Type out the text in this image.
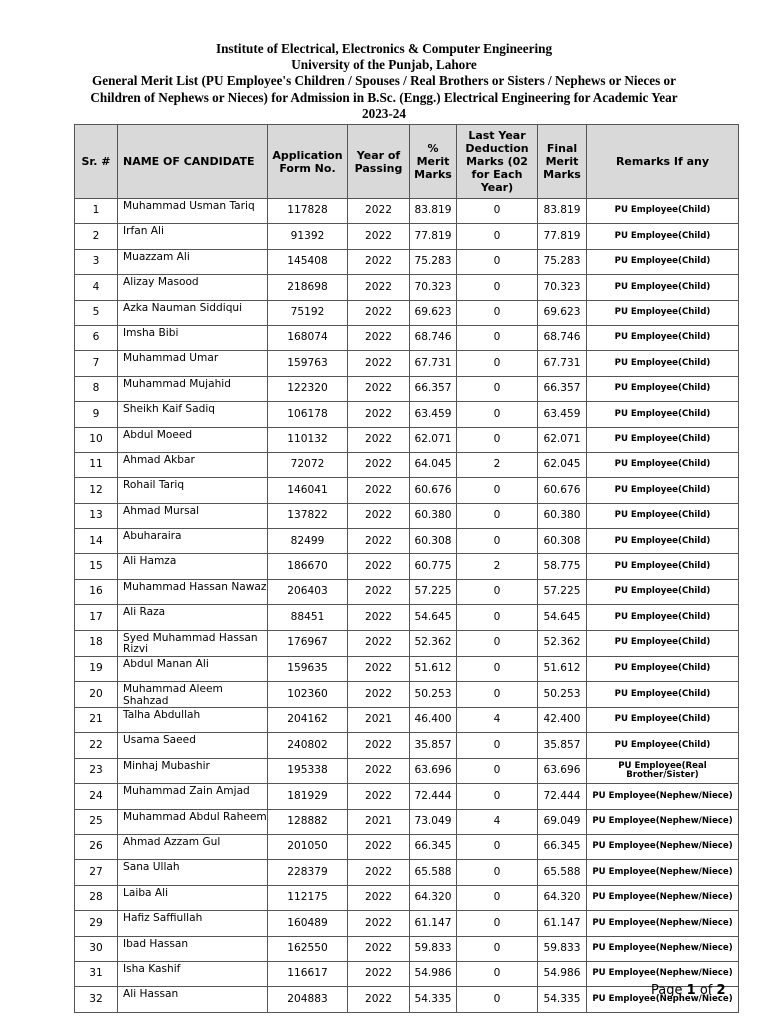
Institute of Electrical, Electronics & Computer Engineering
University of the Punjab, Lahore
General Merit List (PU Employee's Children / Spouses / Real Brothers or Sisters / Nephews or Nieces or
Children of Nephews or Nieces) for Admission in B.Sc. (Engg.) Electrical Engineering for Academic Year
2023-24
Sr. #	NAME OF CANDIDATE	Application Form No.	Year of Passing	% Merit Marks	Last Year Deduction Marks (02 for Each Year)	Final Merit Marks	Remarks If any
1	Muhammad Usman Tariq	117828	2022	83.819	0	83.819	PU Employee(Child)
2	Irfan Ali	91392	2022	77.819	0	77.819	PU Employee(Child)
3	Muazzam Ali	145408	2022	75.283	0	75.283	PU Employee(Child)
4	Alizay Masood	218698	2022	70.323	0	70.323	PU Employee(Child)
5	Azka Nauman Siddiqui	75192	2022	69.623	0	69.623	PU Employee(Child)
6	Imsha Bibi	168074	2022	68.746	0	68.746	PU Employee(Child)
7	Muhammad Umar	159763	2022	67.731	0	67.731	PU Employee(Child)
8	Muhammad Mujahid	122320	2022	66.357	0	66.357	PU Employee(Child)
9	Sheikh Kaif Sadiq	106178	2022	63.459	0	63.459	PU Employee(Child)
10	Abdul Moeed	110132	2022	62.071	0	62.071	PU Employee(Child)
11	Ahmad Akbar	72072	2022	64.045	2	62.045	PU Employee(Child)
12	Rohail Tariq	146041	2022	60.676	0	60.676	PU Employee(Child)
13	Ahmad Mursal	137822	2022	60.380	0	60.380	PU Employee(Child)
14	Abuharaira	82499	2022	60.308	0	60.308	PU Employee(Child)
15	Ali Hamza	186670	2022	60.775	2	58.775	PU Employee(Child)
16	Muhammad Hassan Nawaz	206403	2022	57.225	0	57.225	PU Employee(Child)
17	Ali Raza	88451	2022	54.645	0	54.645	PU Employee(Child)
18	Syed Muhammad Hassan Rizvi	176967	2022	52.362	0	52.362	PU Employee(Child)
19	Abdul Manan Ali	159635	2022	51.612	0	51.612	PU Employee(Child)
20	Muhammad Aleem Shahzad	102360	2022	50.253	0	50.253	PU Employee(Child)
21	Talha Abdullah	204162	2021	46.400	4	42.400	PU Employee(Child)
22	Usama Saeed	240802	2022	35.857	0	35.857	PU Employee(Child)
23	Minhaj Mubashir	195338	2022	63.696	0	63.696	PU Employee(Real Brother/Sister)
24	Muhammad Zain Amjad	181929	2022	72.444	0	72.444	PU Employee(Nephew/Niece)
25	Muhammad Abdul Raheem	128882	2021	73.049	4	69.049	PU Employee(Nephew/Niece)
26	Ahmad Azzam Gul	201050	2022	66.345	0	66.345	PU Employee(Nephew/Niece)
27	Sana Ullah	228379	2022	65.588	0	65.588	PU Employee(Nephew/Niece)
28	Laiba Ali	112175	2022	64.320	0	64.320	PU Employee(Nephew/Niece)
29	Hafiz Saffiullah	160489	2022	61.147	0	61.147	PU Employee(Nephew/Niece)
30	Ibad Hassan	162550	2022	59.833	0	59.833	PU Employee(Nephew/Niece)
31	Isha Kashif	116617	2022	54.986	0	54.986	PU Employee(Nephew/Niece)
32	Ali Hassan	204883	2022	54.335	0	54.335	PU Employee(Nephew/Niece)
Page 1 of 2
